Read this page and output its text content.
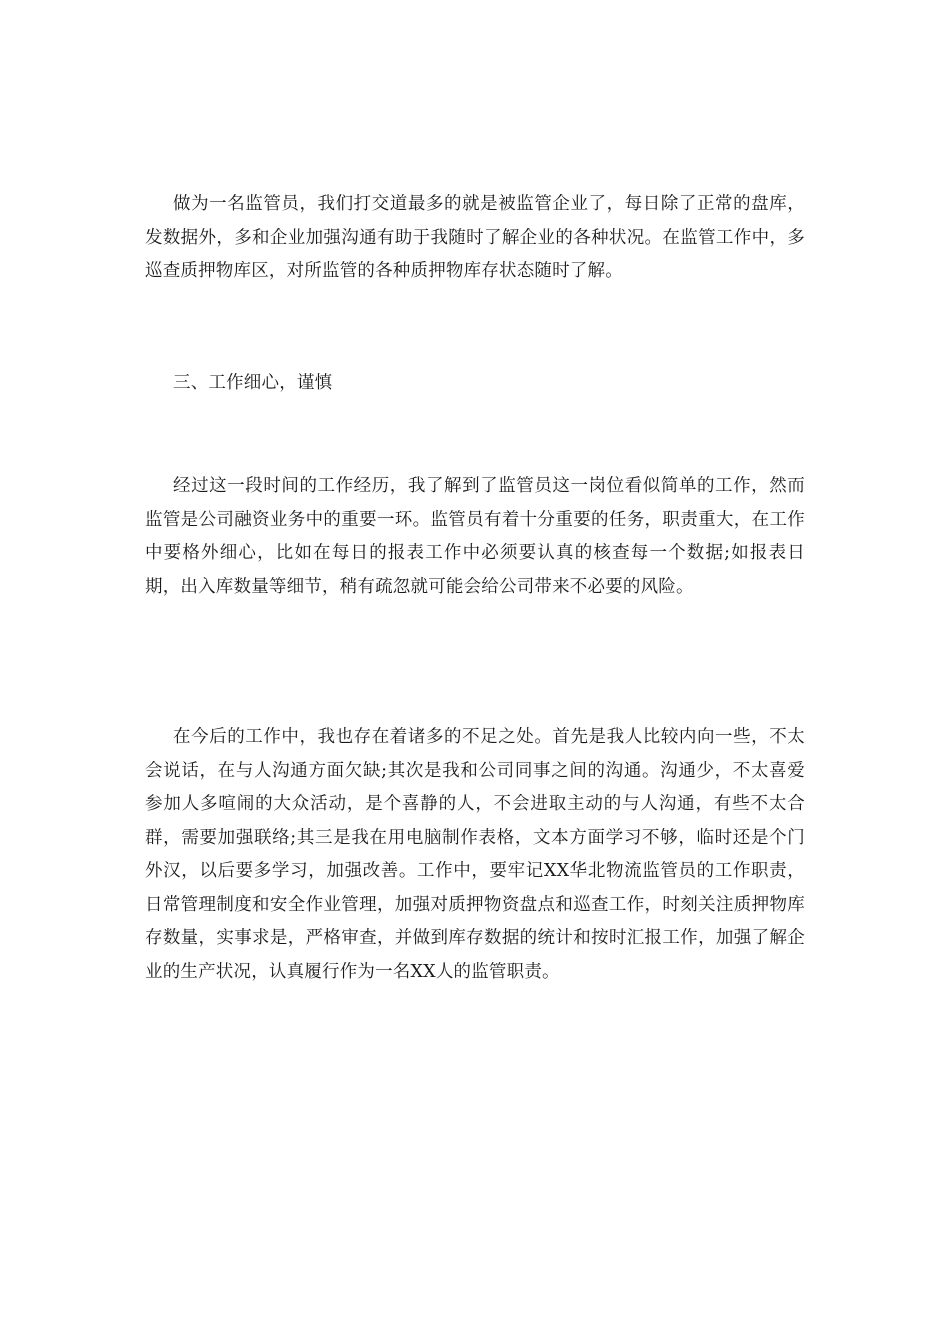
做为一名监管员，我们打交道最多的就是被监管企业了，每日除了正常的盘库，发数据外，多和企业加强沟通有助于我随时了解企业的各种状况。在监管工作中，多巡查质押物库区，对所监管的各种质押物库存状态随时了解。

三、工作细心，谨慎

经过这一段时间的工作经历，我了解到了监管员这一岗位看似简单的工作，然而监管是公司融资业务中的重要一环。监管员有着十分重要的任务，职责重大，在工作中要格外细心，比如在每日的报表工作中必须要认真的核查每一个数据;如报表日期，出入库数量等细节，稍有疏忽就可能会给公司带来不必要的风险。

在今后的工作中，我也存在着诸多的不足之处。首先是我人比较内向一些，不太会说话，在与人沟通方面欠缺;其次是我和公司同事之间的沟通。沟通少，不太喜爱参加人多喧闹的大众活动，是个喜静的人，不会进取主动的与人沟通，有些不太合群，需要加强联络;其三是我在用电脑制作表格，文本方面学习不够，临时还是个门外汉，以后要多学习，加强改善。工作中，要牢记XX华北物流监管员的工作职责，日常管理制度和安全作业管理，加强对质押物资盘点和巡查工作，时刻关注质押物库存数量，实事求是，严格审查，并做到库存数据的统计和按时汇报工作，加强了解企业的生产状况，认真履行作为一名XX人的监管职责。
